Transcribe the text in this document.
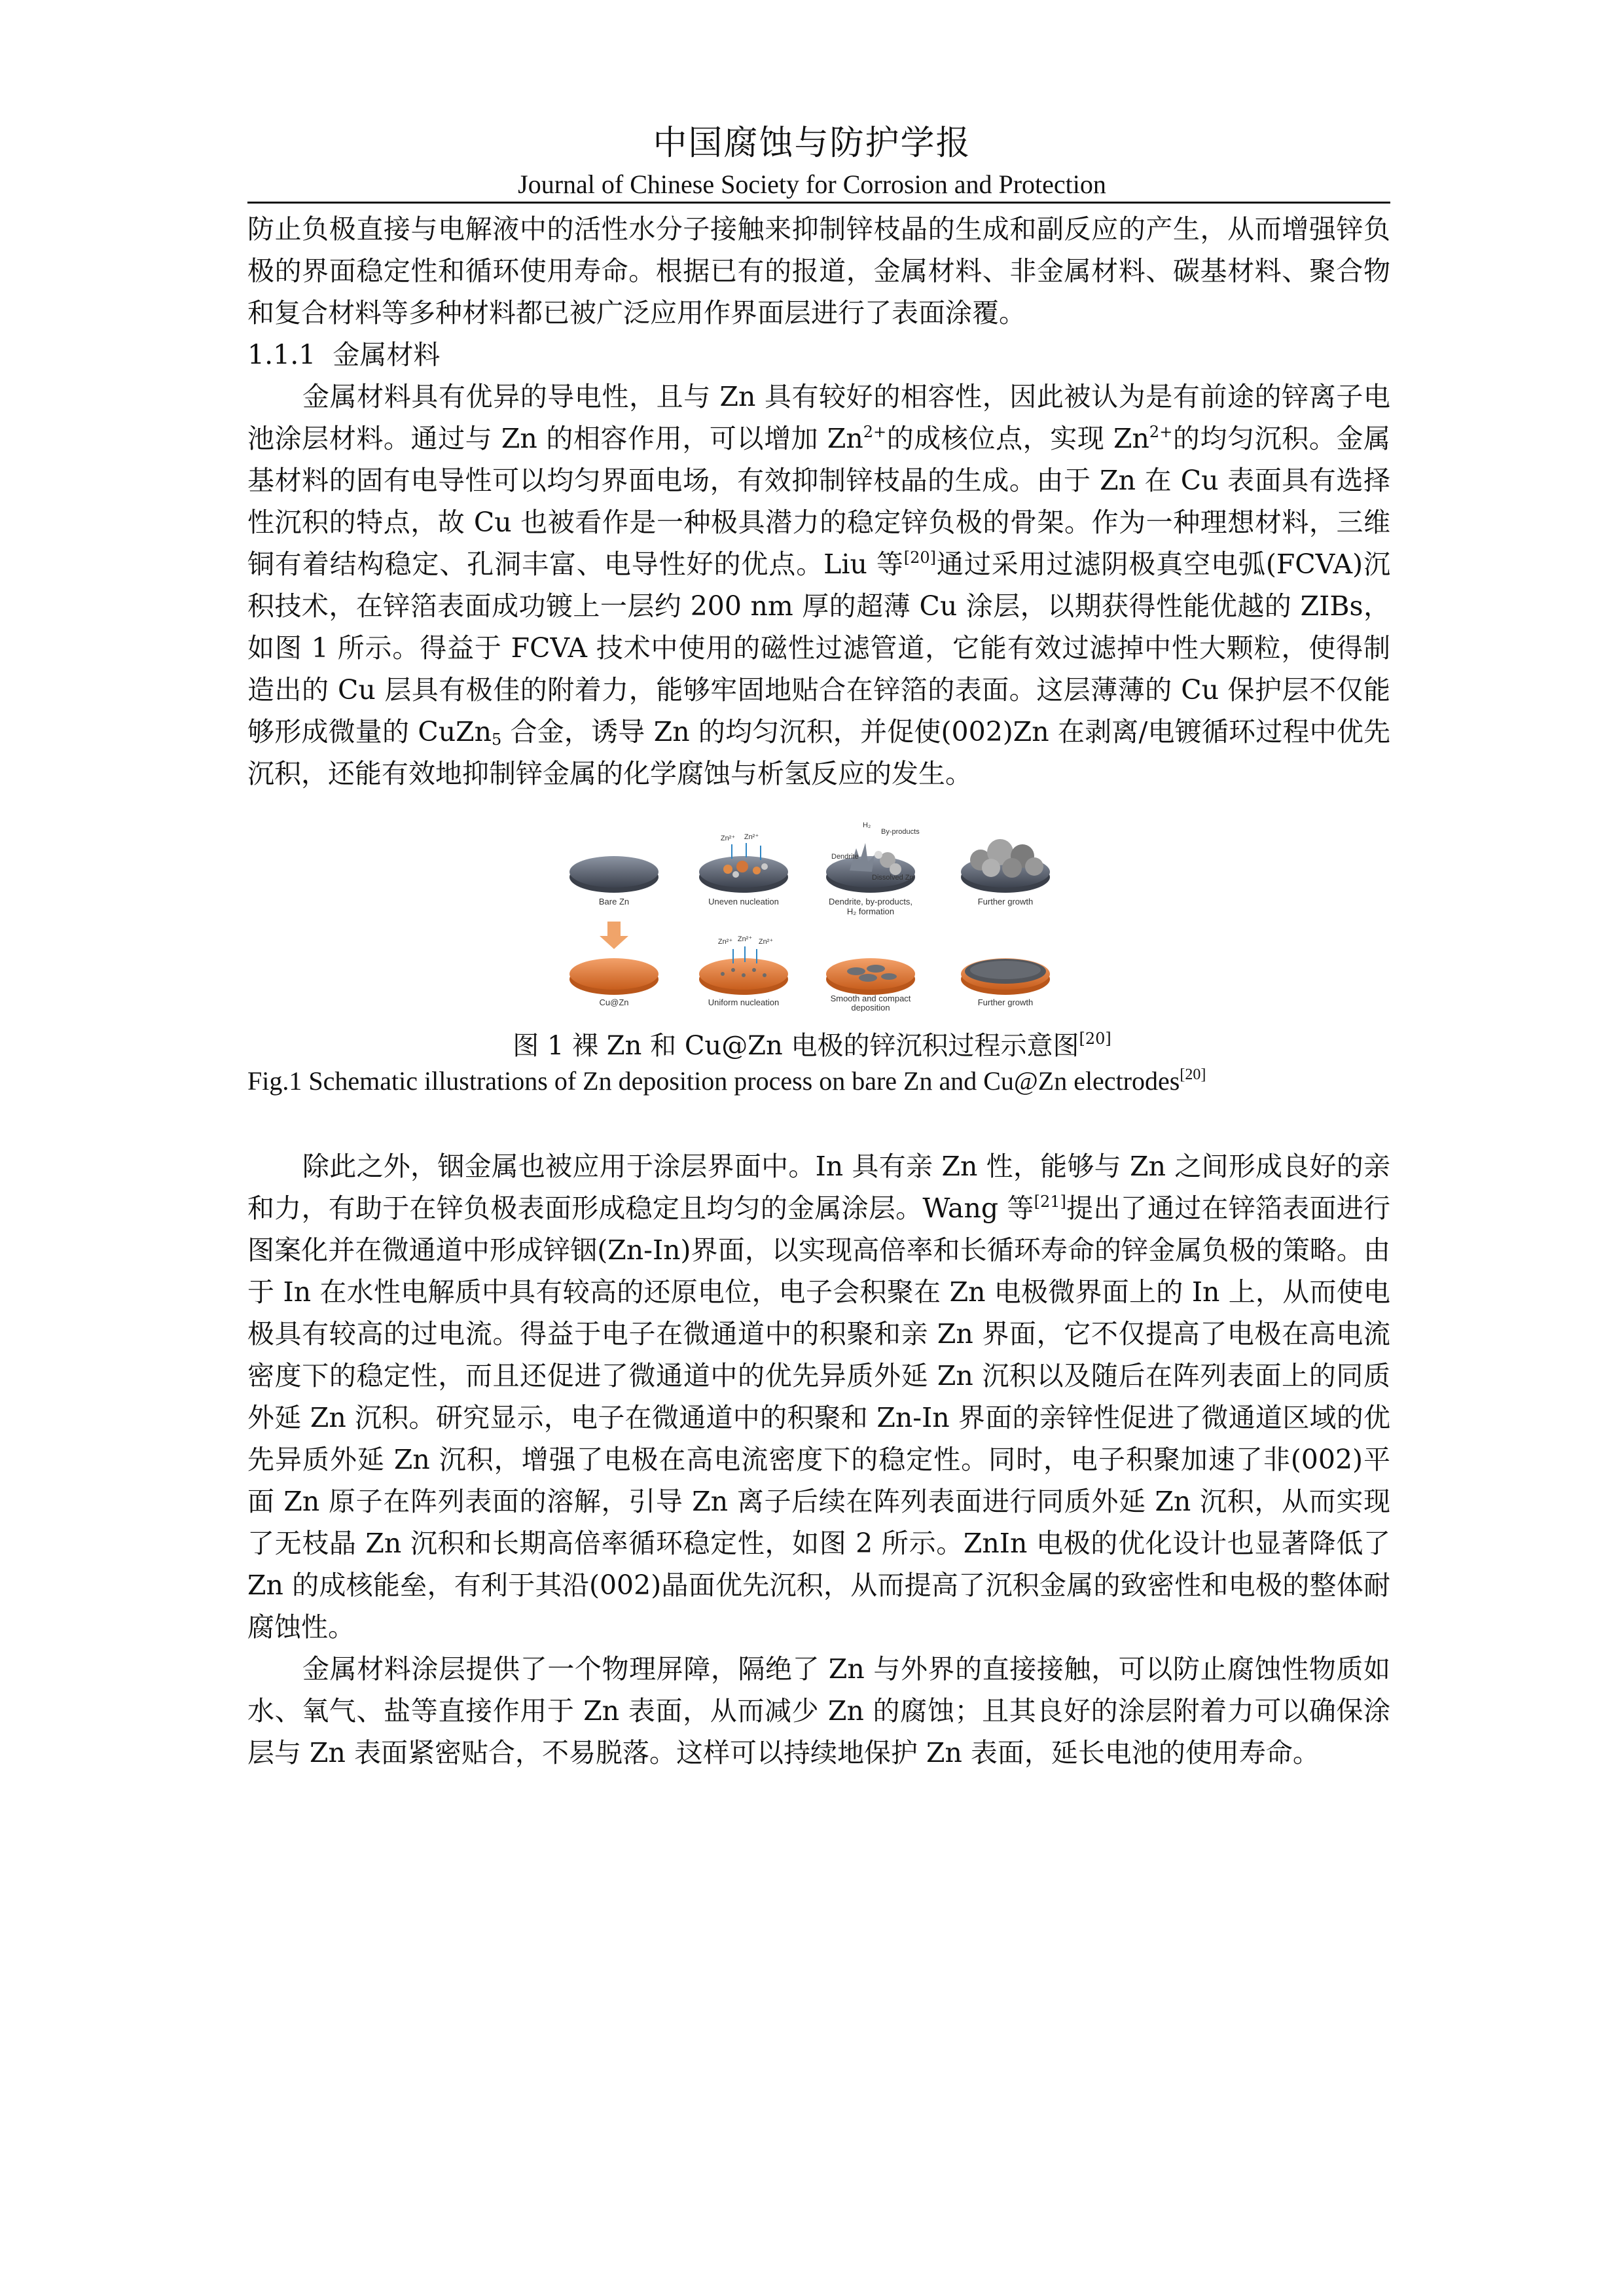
中国腐蚀与防护学报
Journal of Chinese Society for Corrosion and Protection

防止负极直接与电解液中的活性水分子接触来抑制锌枝晶的生成和副反应的产生，从而增强锌负极的界面稳定性和循环使用寿命。根据已有的报道，金属材料、非金属材料、碳基材料、聚合物和复合材料等多种材料都已被广泛应用作界面层进行了表面涂覆。

1.1.1 金属材料

金属材料具有优异的导电性，且与 Zn 具有较好的相容性，因此被认为是有前途的锌离子电池涂层材料。通过与 Zn 的相容作用，可以增加 $Zn^{2+}$的成核位点，实现 $Zn^{2+}$的均匀沉积。金属基材料的固有电导性可以均匀界面电场，有效抑制锌枝晶的生成。由于 Zn 在 Cu 表面具有选择性沉积的特点，故 Cu 也被看作是一种极具潜力的稳定锌负极的骨架。作为一种理想材料，三维铜有着结构稳定、孔洞丰富、电导性好的优点。Liu 等[20]通过采用过滤阴极真空电弧(FCVA)沉积技术，在锌箔表面成功镀上一层约 200 nm 厚的超薄 Cu 涂层，以期获得性能优越的 ZIBs，如图 1 所示。得益于 FCVA 技术中使用的磁性过滤管道，它能有效过滤掉中性大颗粒，使得制造出的 Cu 层具有极佳的附着力，能够牢固地贴合在锌箔的表面。这层薄薄的 Cu 保护层不仅能够形成微量的 CuZn$_5$ 合金，诱导 Zn 的均匀沉积，并促使(002)Zn 在剥离/电镀循环过程中优先沉积，还能有效地抑制锌金属的化学腐蚀与析氢反应的发生。

Bare Zn	Uneven nucleation	Dendrite, by-products,
H₂ formation
Further growth
Zn²⁺ Zn²⁺
H₂
By-products
Dendrite
Dissolved Zn
Zn²⁺ Zn²⁺ Zn²⁺
Cu@Zn	Uniform nucleation	Smooth and compact
deposition
Further growth
图 1 裸 Zn 和 Cu@Zn 电极的锌沉积过程示意图[20]
Fig.1 Schematic illustrations of Zn deposition process on bare Zn and Cu@Zn electrodes[20]

除此之外，铟金属也被应用于涂层界面中。In 具有亲 Zn 性，能够与 Zn 之间形成良好的亲和力，有助于在锌负极表面形成稳定且均匀的金属涂层。Wang 等[21]提出了通过在锌箔表面进行图案化并在微通道中形成锌铟(Zn-In)界面，以实现高倍率和长循环寿命的锌金属负极的策略。由于 In 在水性电解质中具有较高的还原电位，电子会积聚在 Zn 电极微界面上的 In 上，从而使电极具有较高的过电流。得益于电子在微通道中的积聚和亲 Zn 界面，它不仅提高了电极在高电流密度下的稳定性，而且还促进了微通道中的优先异质外延 Zn 沉积以及随后在阵列表面上的同质外延 Zn 沉积。研究显示，电子在微通道中的积聚和 Zn-In 界面的亲锌性促进了微通道区域的优先异质外延 Zn 沉积，增强了电极在高电流密度下的稳定性。同时，电子积聚加速了非(002)平面 Zn 原子在阵列表面的溶解，引导 Zn 离子后续在阵列表面进行同质外延 Zn 沉积，从而实现了无枝晶 Zn 沉积和长期高倍率循环稳定性，如图 2 所示。ZnIn 电极的优化设计也显著降低了 Zn 的成核能垒，有利于其沿(002)晶面优先沉积，从而提高了沉积金属的致密性和电极的整体耐腐蚀性。

金属材料涂层提供了一个物理屏障，隔绝了 Zn 与外界的直接接触，可以防止腐蚀性物质如水、氧气、盐等直接作用于 Zn 表面，从而减少 Zn 的腐蚀；且其良好的涂层附着力可以确保涂层与 Zn 表面紧密贴合，不易脱落。这样可以持续地保护 Zn 表面，延长电池的使用寿命。
